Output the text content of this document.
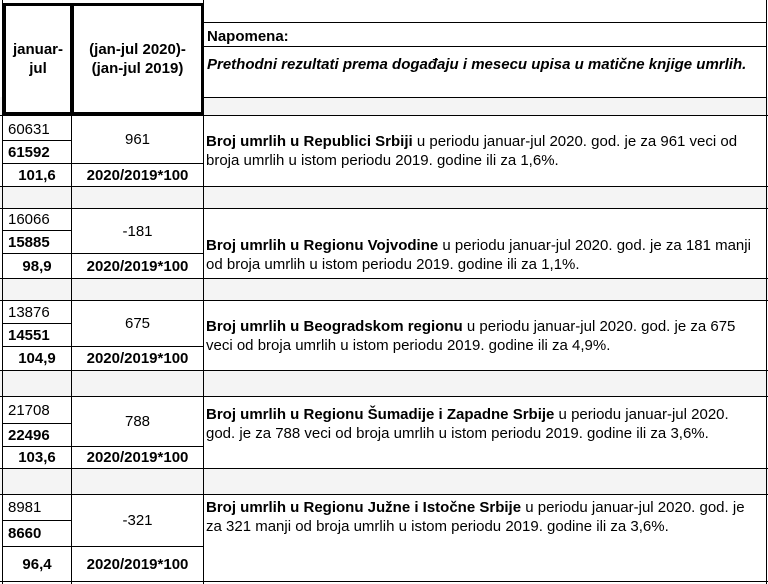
januar-jul
(jan-jul 2020)-(jan-jul 2019)
Napomena:
Prethodni rezultati prema događaju i mesecu upisa u matične knjige umrlih.
60631
61592
101,6
961
2020/2019*100
Broj umrlih u Republici Srbiji u periodu januar-jul 2020. god. je za 961 veci od broja umrlih u istom periodu 2019. godine ili za 1,6%.
16066
15885
98,9
-181
2020/2019*100
Broj umrlih u Regionu Vojvodine u periodu januar-jul 2020. god. je za 181 manji od broja umrlih u istom periodu 2019. godine ili za 1,1%.
13876
14551
104,9
675
2020/2019*100
Broj umrlih u Beogradskom regionu u periodu januar-jul 2020. god. je za 675 veci od broja umrlih u istom periodu 2019. godine ili za 4,9%.
21708
22496
103,6
788
2020/2019*100
Broj umrlih u Regionu Šumadije i Zapadne Srbije u periodu januar-jul 2020. god. je za 788 veci od broja umrlih u istom periodu 2019. godine ili za 3,6%.
8981
8660
96,4
-321
2020/2019*100
Broj umrlih u Regionu Južne i Istočne Srbije u periodu januar-jul 2020. god. je za 321 manji od broja umrlih u istom periodu 2019. godine ili za 3,6%.
